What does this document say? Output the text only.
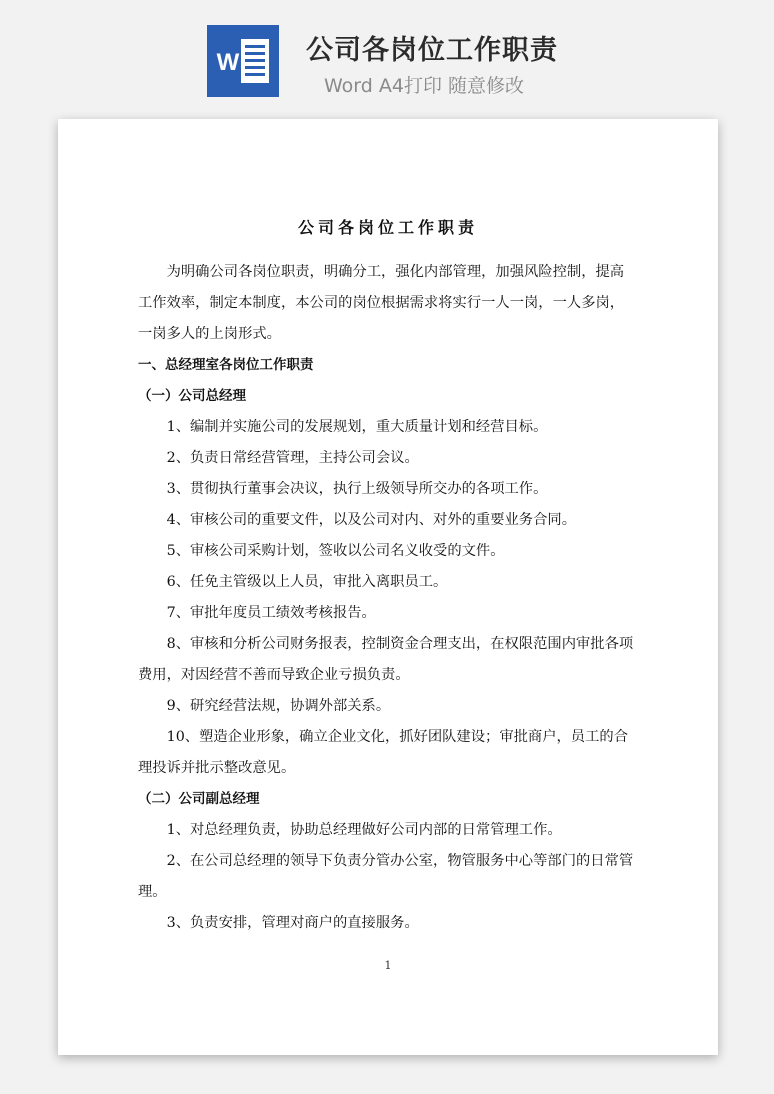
W 公司各岗位工作职责
Word A4打印 随意修改
公司各岗位工作职责

为明确公司各岗位职责，明确分工，强化内部管理，加强风险控制，提高工作效率，制定本制度，本公司的岗位根据需求将实行一人一岗，一人多岗，一岗多人的上岗形式。

一、总经理室各岗位工作职责

（一）公司总经理

1、编制并实施公司的发展规划，重大质量计划和经营目标。

2、负责日常经营管理，主持公司会议。

3、贯彻执行董事会决议，执行上级领导所交办的各项工作。

4、审核公司的重要文件，以及公司对内、对外的重要业务合同。

5、审核公司采购计划，签收以公司名义收受的文件。

6、任免主管级以上人员，审批入离职员工。

7、审批年度员工绩效考核报告。

8、审核和分析公司财务报表，控制资金合理支出，在权限范围内审批各项费用，对因经营不善而导致企业亏损负责。

9、研究经营法规，协调外部关系。

10、塑造企业形象，确立企业文化，抓好团队建设；审批商户，员工的合理投诉并批示整改意见。

（二）公司副总经理

1、对总经理负责，协助总经理做好公司内部的日常管理工作。

2、在公司总经理的领导下负责分管办公室，物管服务中心等部门的日常管理。

3、负责安排，管理对商户的直接服务。

1
